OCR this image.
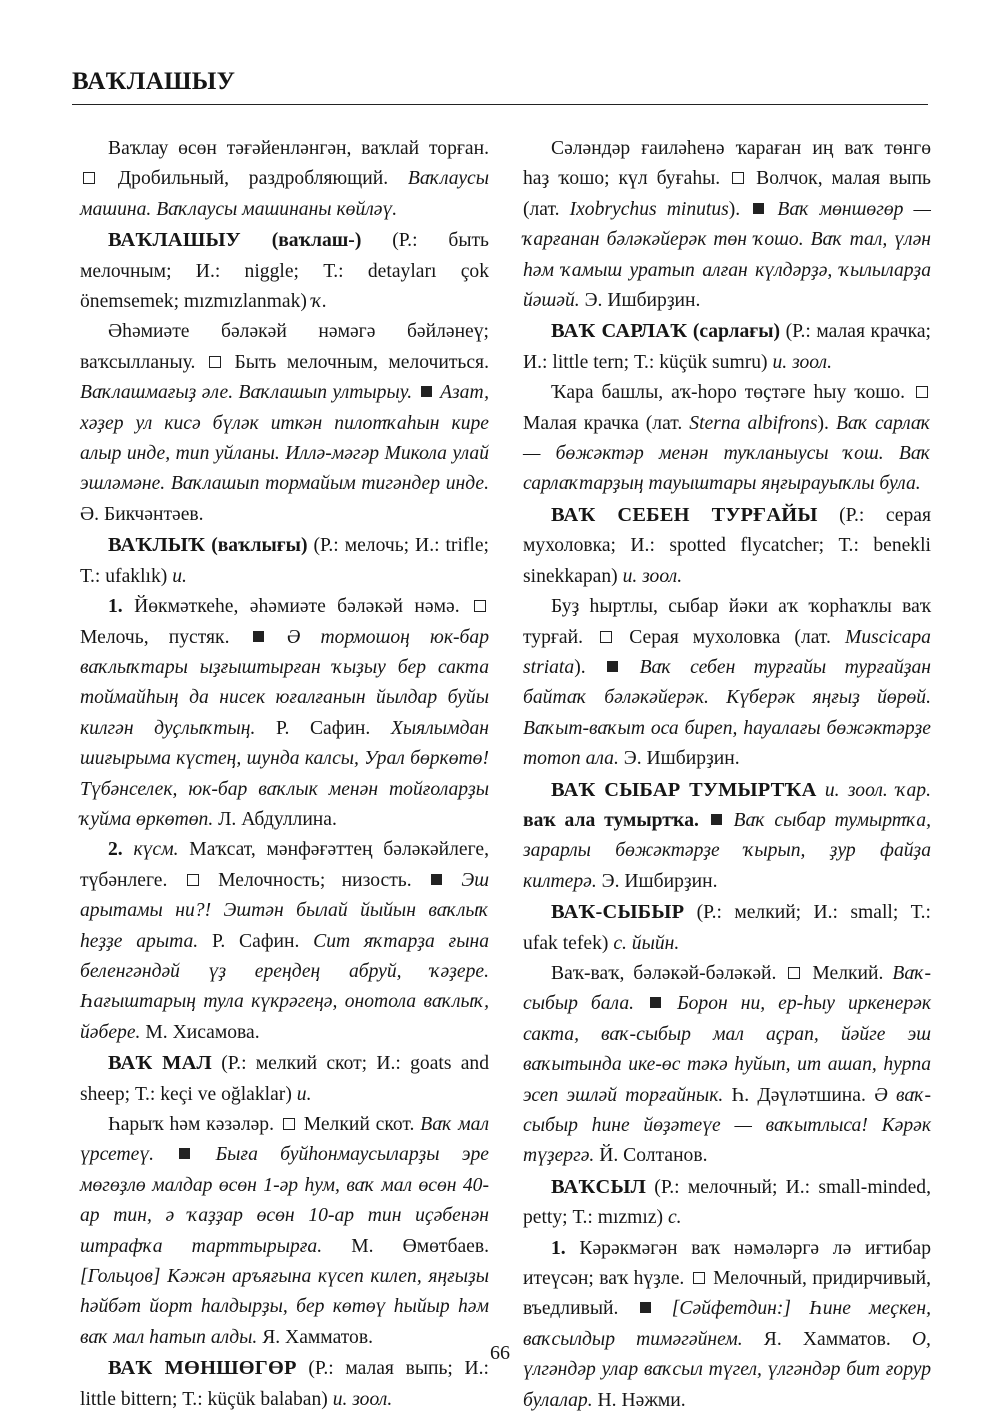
ВАҠЛАШЫУ

Ваҡлау өсөн тәғәйенләнгән, ваҡлай торған.  Дробильный, раздробляющий. Ваҡлаусы машина. Ваҡлаусы машинаны көйләү.

ВАҠЛАШЫУ (ваҡлаш-) (Р.: быть мелочным; И.: niggle; Т.: detayları çok önemsemek; mızmızlanmak) ҡ.

Әһәмиәте бәләкәй нәмәгә бәйләнеү; ваҡсылланыу. Быть мелочным, мелочиться. Ваҡлашмағыҙ әле. Ваҡлашып ултырыу. Азат, хәҙер ул кисә бүләк иткән пилотҡаһын кире алыр инде, тип уйланы. Иллә-мәгәр Микола улай эшләмәне. Ваҡлашып тормайым тигәндер инде. Ә. Бикчәнтәев.

ВАҠЛЫҠ (ваҡлығы) (Р.: мелочь; И.: trifle; Т.: ufaklık) и.

1. Йөкмәткеһе, әһәмиәте бәләкәй нәмә.  Мелочь, пустяк.	Ә тормошоң юк-бар ваҡлыҡтары ыҙғыштырған ҡыҙыу бер сакта тоймайһың да нисек юғалғанын йылдар буйы килгән дуҫлыҡтың. Р. Сафин. Хыялымдан шиғырыма күстең, шунда калсы, Урал бөркөтө! Түбәнселек, юк-бар ваҡлык менән тойғоларҙы ҡуйма өркөтөп. Л. Абдуллина.

2. күсм. Маҡсат, мәнфәғәттең бәләкәйлеге, түбәнлеге.	Мелочность; низость.	Эш арытамы ни?! Эштән былай йыйын ваҡлыҡ һеҙҙе арыта. Р. Сафин. Сит яҡтарҙа ғына беленгәндәй үҙ ереңдең абруй, ҡәҙере. Һағыштарың тула күкрәгеңә, онотола ваҡлыҡ, йәбере. М. Хисамова.

ВАҠ МАЛ (Р.: мелкий скот; И.: goats and sheep; Т.: keçi ve oğlaklar) и.

Һарыҡ һәм кәзәләр. Мелкий скот. Ваҡ мал үрсетеү.	Быға буйһонмаусыларҙы эре мөгөҙлө малдар өсөн 1-әр һум, ваҡ мал өсөн 40-ар тин, ә ҡаҙҙар өсөн 10-ар тин иҫәбенән штрафҡа тарттырырға. М. Өмөтбаев. [Гольцов] Кәжән аръяғына күсеп килеп, яңғыҙы һәйбәт йорт һалдырҙы, бер көтөү һыйыр һәм ваҡ мал һатып алды. Я. Хамматов.

ВАҠ МӨНШӨГӨР (Р.: малая выпь; И.: little bittern; Т.: küçük balaban) и. зоол.

Сәләндәр ғаиләһенә ҡараған иң ваҡ төнгө һаҙ ҡошо; күл буғаһы. Волчок, малая выпь (лат. Ixobrychus minutus). Ваҡ мөншөгөр — ҡарғанан бәләкәйерәк төн ҡошо. Ваҡ тал, үлән һәм ҡамыш уратып алған күлдәрҙә, ҡылыларҙа йәшәй. Э. Ишбирҙин.

ВАҠ САРЛАҠ (сарлағы) (Р.: малая крачка; И.: little tern; Т.: küçük sumru) и. зоол.

Ҡара башлы, аҡ-һоро төҫтәге һыу ҡошо.  Малая крачка (лат. Sterna albifrons). Ваҡ сарлаҡ — бөжәктәр менән туҡланыусы ҡош. Ваҡ сарлаҡтарҙың тауыштары яңғырауыҡлы була.

ВАҠ СЕБЕН ТУРҒАЙЫ (Р.: серая мухоловка; И.: spotted flycatcher; Т.: benekli sinekkapan) и. зоол.

Буҙ һыртлы, сыбар йәки аҡ ҡорһаҡлы ваҡ турғай. Серая мухоловка (лат. Muscicapa striata).	Ваҡ себен турғайы турғайҙан байтаҡ бәләкәйерәк. Күберәк яңғыҙ йөрөй. Ваҡыт-ваҡыт оса биреп, һауалағы бөжәктәрҙе тотоп ала. Э. Ишбирҙин.

ВАҠ СЫБАР ТУМЫРТҠА и. зоол. ҡар. ваҡ ала тумыртҡа. Ваҡ сыбар тумыртҡа, зарарлы бөжәктәрҙе ҡырып, ҙур файҙа килтерә. Э. Ишбирҙин.

ВАҠ-СЫБЫР (Р.: мелкий; И.: small; Т.: ufak tefek) с. йыйн.

Ваҡ-ваҡ, бәләкәй-бәләкәй. Мелкий. Ваҡ-сыбыр бала. Борон ни, ер-һыу иркенерәк сакта, ваҡ-сыбыр мал аҫрап, йәйге эш ваҡытында ике-өс тәкә һуйып, ит ашап, һурпа эсеп эшләй торғайнык. Һ. Дәүләтшина. Ә ваҡ-сыбыр һине йөҙәтеүе — ваҡытлыса! Кәрәк түҙергә. Й. Солтанов.

ВАҠСЫЛ (Р.: мелочный; И.: small-minded, petty; Т.: mızmız) с.

1. Кәрәкмәгән ваҡ нәмәләргә лә иғтибар итеүсән; ваҡ һүҙле. Мелочный, придирчивый, въедливый.	[Сәйфетдин:] Һине меҫкен, ваҡсылдыр тимәгәйнем. Я. Хамматов. О, үлгәндәр улар ваҡсыл түгел, үлгәндәр бит ғорур булалар. Н. Нәжми.

66
